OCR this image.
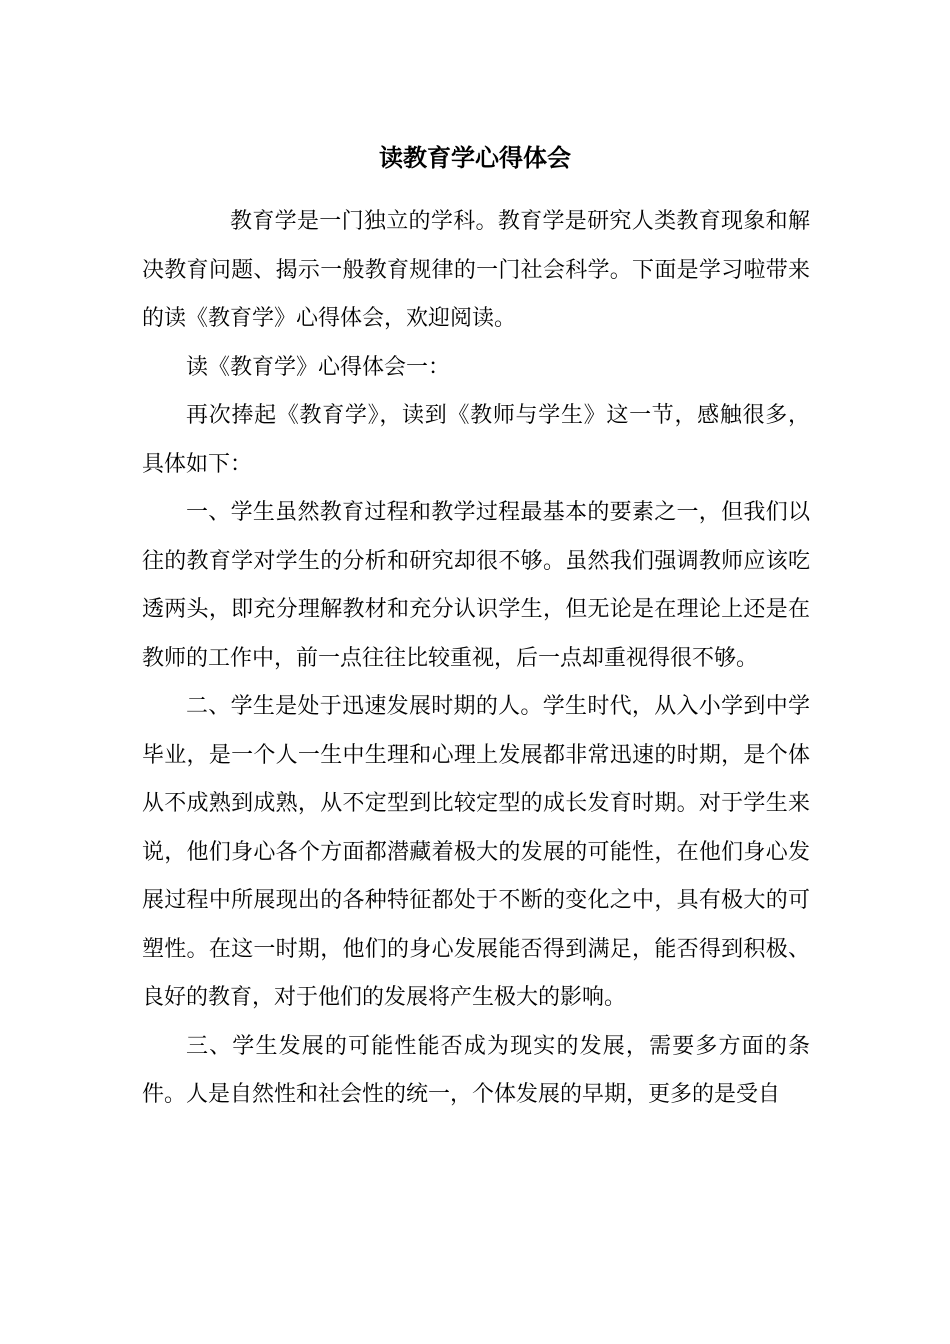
读教育学心得体会

教育学是一门独立的学科。教育学是研究人类教育现象和解决教育问题、揭示一般教育规律的一门社会科学。下面是学习啦带来的读《教育学》心得体会，欢迎阅读。

读《教育学》心得体会一：

再次捧起《教育学》，读到《教师与学生》这一节，感触很多，具体如下：

一、学生虽然教育过程和教学过程最基本的要素之一，但我们以往的教育学对学生的分析和研究却很不够。虽然我们强调教师应该吃透两头，即充分理解教材和充分认识学生，但无论是在理论上还是在教师的工作中，前一点往往比较重视，后一点却重视得很不够。

二、学生是处于迅速发展时期的人。学生时代，从入小学到中学毕业，是一个人一生中生理和心理上发展都非常迅速的时期，是个体从不成熟到成熟，从不定型到比较定型的成长发育时期。对于学生来说，他们身心各个方面都潜藏着极大的发展的可能性，在他们身心发展过程中所展现出的各种特征都处于不断的变化之中，具有极大的可塑性。在这一时期，他们的身心发展能否得到满足，能否得到积极、良好的教育，对于他们的发展将产生极大的影响。

三、学生发展的可能性能否成为现实的发展，需要多方面的条件。人是自然性和社会性的统一，个体发展的早期，更多的是受自
